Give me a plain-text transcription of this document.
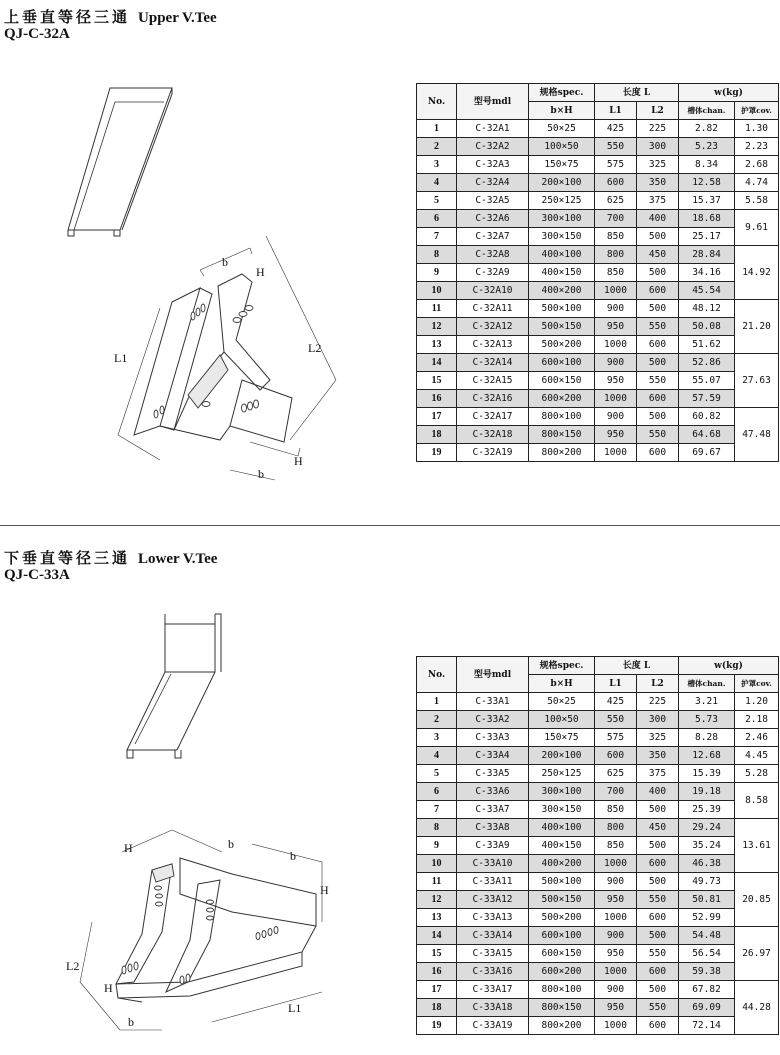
上垂直等径三通 Upper V.Tee
QJ-C-32A
b
H
L1
L2
H
b
No.	型号mdl	规格spec.	长度 L		w(kg)	
		b×H	L1	L2	槽体chan.	护罩cov.
1	C-32A1	50×25	425	225	2.82	1.30
2	C-32A2	100×50	550	300	5.23	2.23
3	C-32A3	150×75	575	325	8.34	2.68
4	C-32A4	200×100	600	350	12.58	4.74
5	C-32A5	250×125	625	375	15.37	5.58
6	C-32A6	300×100	700	400	18.68	9.61
7	C-32A7	300×150	850	500	25.17	
8	C-32A8	400×100	800	450	28.84	14.92
9	C-32A9	400×150	850	500	34.16	
10	C-32A10	400×200	1000	600	45.54	
11	C-32A11	500×100	900	500	48.12	21.20
12	C-32A12	500×150	950	550	50.08	
13	C-32A13	500×200	1000	600	51.62	
14	C-32A14	600×100	900	500	52.86	27.63
15	C-32A15	600×150	950	550	55.07	
16	C-32A16	600×200	1000	600	57.59	
17	C-32A17	800×100	900	500	60.82	47.48
18	C-32A18	800×150	950	550	64.68	
19	C-32A19	800×200	1000	600	69.67	
下垂直等径三通 Lower V.Tee
QJ-C-33A
H	b
b
H
L2
H
b
L1
No.	型号mdl	规格spec.	长度 L		w(kg)	
		b×H	L1	L2	槽体chan.	护罩cov.
1	C-33A1	50×25	425	225	3.21	1.20
2	C-33A2	100×50	550	300	5.73	2.18
3	C-33A3	150×75	575	325	8.28	2.46
4	C-33A4	200×100	600	350	12.68	4.45
5	C-33A5	250×125	625	375	15.39	5.28
6	C-33A6	300×100	700	400	19.18	8.58
7	C-33A7	300×150	850	500	25.39	
8	C-33A8	400×100	800	450	29.24	13.61
9	C-33A9	400×150	850	500	35.24	
10	C-33A10	400×200	1000	600	46.38	
11	C-33A11	500×100	900	500	49.73	20.85
12	C-33A12	500×150	950	550	50.81	
13	C-33A13	500×200	1000	600	52.99	
14	C-33A14	600×100	900	500	54.48	26.97
15	C-33A15	600×150	950	550	56.54	
16	C-33A16	600×200	1000	600	59.38	
17	C-33A17	800×100	900	500	67.82	44.28
18	C-33A18	800×150	950	550	69.09	
19	C-33A19	800×200	1000	600	72.14	
